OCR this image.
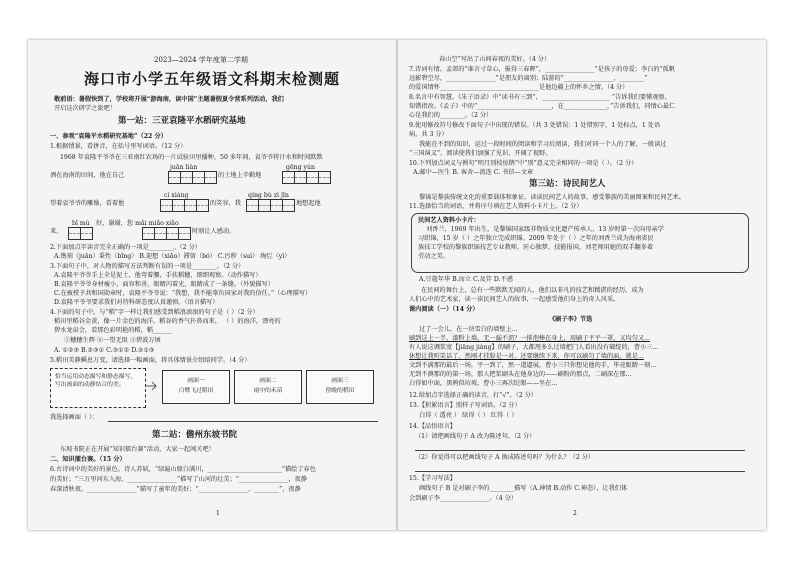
2023—2024 学年度第二学期
海口市小学五年级语文科期末检测题
敬前语：暑假快到了，学校将开展“游海南，读中国”主题暑假夏令营系列活动，我们
开启这次研学之旅吧！
第一站：三亚袁隆平水稻研究基地
一、参观“袁隆平水稻研究基地”（22 分）
1.根据情景，看拼音，在括号里写词语。（12 分）
1968 年袁隆平爷爷在三亚南红农场的一片试验田里播种，50 多年间，袁爷爷将汗水和时间默默
洒在海南的田间，他在自己
juān liàn
的土地上辛勤地
gēng yún
望着袁爷爷的雕像，看着他
cí xiáng
的笑容，我
qíng bù zì jīn
地想起他
来。
bǐ mù 好，谢谢，您 mǎi miǎo xiǎo
时刻让人感动。
2.下面加点字读音完全正确的一项是________。（2 分）
A.镌刻（juān）秉性（bǐng） B.迎想（xiǎo）滞留（bó） C.污秽（suì） 绚烂（yì）
3.下面句子中，对人物的描写方法判断有误的一项是________。（2 分）
A.袁隆平爷爷手上全是泥土，他弯着腰，手扶稻穗，细细观察。（动作描写）
B.袁隆平爷爷身材瘦小，面容和善，眼睛闪着光，眼睛成了一条缝。（外貌描写）
C.在被授予共和国勋章时，袁隆平爷爷说：“我想，我不能辜负国家对我的信任。”（心理描写）
D.袁隆平爷爷要求我们对待科研态度认真谨慎。（语言描写）
4.下面的句子中，与“稻”字一样让我们感受到稻浪滚滚的句子是（ ）（2 分）
稻田里稻谷金黄，像一片金色的海洋，稻谷的香气扑鼻而来， （ ）的海洋，漂亮的
碧水龙泉会，看那色彩明艳的稻，稻______
①穗穗生辉 ②一望无垠 ③碧波万顷
A. ①②③ B.②③① C.③①② D.②①③
5.稻田美静瞬息万变，请选择一幅画面，将具体情景介绍给同学。（4 分）
恰当运用动态描写和静态描写，写出画面的动静结合的美。
画面一
白鹭飞过稻田
画面二
雨中的禾苗
画面三
傍晚的稻田
我选择画面（ ）：
第二站：儋州东坡书院
东坡书院正在开展“知识擂台赛”活动，大家一起闯关吧！
二、知识擂台赛。（15 分）
6.古诗词中的美好的景色。诗人苏轼，“绿遍山原白满川，________________________”描绘了春色
的美好；“三万里河东入海，________________”描写了山河的壮美；“________________，夜静
春深清秋夜。________________”描写了童年的美好；“________________，________”，夜静
1
春山空”写出了山间春夜的美好。（4 分）
7.诗词有情。孟郊的“谁言寸草心，报得三春晖”，________________”是孩子的母爱；李白的“孤帆
远影碧空尽，________________”是朋友的离别；陆游的“________________，________”
的爱国情怀________________________________是他边疆上的怀乡之情。（4 分）
8.名言中有智慧。《朱子语录》中“读书有三到”，______________________ ”告诉我们要懂观察。
知错指改。《孟子》中的“________________________，在______________，”告诉我们，同情心最仁
心是我们的________。（2 分）
9.使用修改符号修改下面句子中出现的错误。（共 3 处错误：1 处错别字，1 处标点，1 处语
病，共 3 分）
我能在不到的知识，运过一段时间的阅读和学习后阅读，我们对同一个人的了解，一般读过
“三国演义”，阅读使我们加强了见识，开阔了视野。
10.下列加点词义与例句“明月别枝惊鹊”中“别”意义完全相同的一项是（ ）。（2 分）
A.邮中—医生 B. 客舍—流连 C. 书信—文章
第三站：诗民间艺人
黎锦是黎族传统文化的重要载体和象征，读读民间艺人的故事，感受黎族的美丽图案和民间艺术。
11.选择恰当的词语，并将序号填在艺人资料小卡片上。（2 分）
民间艺人资料小卡片：
刘香兰，1969 年出生，是黎锦国家级非物质文化遗产传承人，13 岁时第一次向母亲学
习织锦，15 岁（ ）之年独立完成织锦。2009 年处于（ ）之年的刘香兰成为海南省民
族技工学校的黎族织锦技艺专业教师，匠心独梦，技能报国，刘老师用她的双手翻多着
劳动之美。
A.豆蔻年华 B.而立 C.及笄 D.不惑
在民间的舞台上，总有一些默默无闻的人，他们以非凡的技艺和精湛的经历，成为
人们心中的艺术家，读一读民间艺人的故事，一起感受他们身上的奇人风采。
课内阅读（一）（14 分）
《刷子李》节选
过了一会儿，在一块雪白的墙壁上...
刷到这上一半，漆粉上墙，无一漏不沥？一排泡棒在身上，用刷子平平一罩，又均匀又...
有人说这调浆宽【jiāng jiàng】的刷子，大都甩多么过墙把门人看出没有破绽的，曹小三...
休想让我听笑话了，然刚才挂脸是一对，还要继续下来，你可以刷匀了墙的面，就是...
文到不满那的最后一场，平一到了，然一道逼展，曹小三只你想见他的手，毕竟眼睛一刻...
无到不测那的的第一场，那人把浆刷头在他身边的——刷粉的那点，二刷深在那...
白得如中面，黑鸦似坊坡，曹小三再次眨眼——坐在...
12.给加点字选择正确的读音，打“√”。（2 分）
13.【积累语言】照样子写词语。（2 分）
白得（ 透亮 ） 绿得（ ） 红得（ ）
14.【品悟语言】
（1）请把画线句子 A 改为陈述句。（2 分）
（2）你觉得可以把画线句子 A 换成陈述句吗？为什么？（2 分）
15.【学习写法】
画线句子 B 是对刷子李的________描写（A.神情 B.动作 C.神态），让我们体
会到刷子李________________。（4 分）
2
